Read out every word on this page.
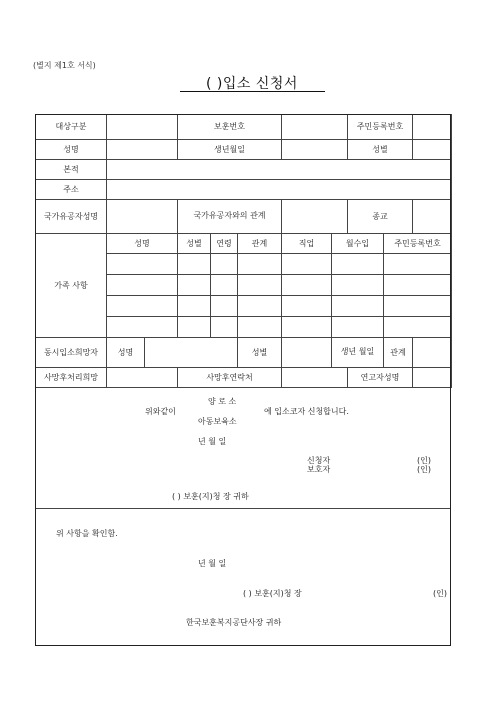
(별지 제1호 서식)
( )입소 신청서
대상구분			보훈번호					주민등록번호		
성명			생년월일					성별		
본적										
주소										
국가유공자성명			국가유공자와의 관계					종교		
가족 사항	성명		성별	연령	관계	직업	월수입		주민등록번호	

동시입소희망자	성명				성별		생년 월일		관계	
사망후처리희망			사망후연락처					연고자성명		
양 로 소
위와같이	에 입소코자 신청합니다.
아동보육소
년 월 일
신청자	(인)
보호자	(인)
( ) 보훈(지)청 장 귀하
위 사항을 확인함.
년 월 일
( ) 보훈(지)청 장	(인)
한국보훈복지공단사장 귀하
